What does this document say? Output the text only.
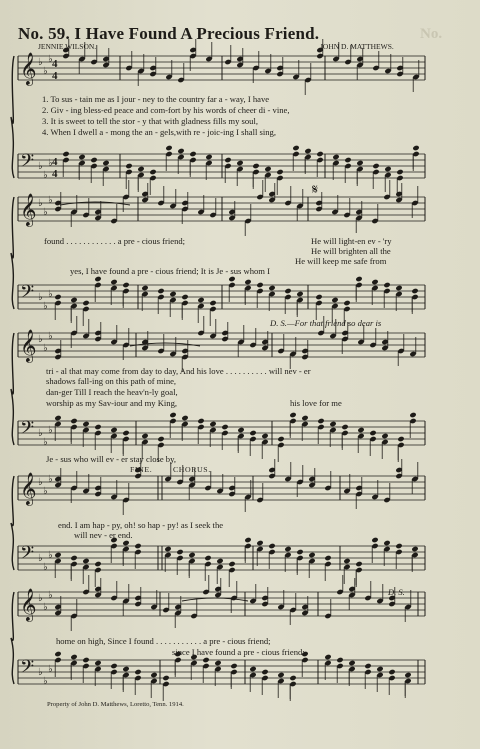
𝄞 ♭
♭
♭
𝄢 ♭
♭
♭
𝄞 ♭
♭
♭
𝄢 ♭
♭
♭
𝄞 ♭
♭
♭
𝄢 ♭
♭
♭
𝄞 ♭
♭
♭
𝄢 ♭
♭
♭
𝄞 ♭
♭
♭
𝄢 ♭
♭
♭
4
4
4
4
𝄋
No. 59. I Have Found A Precious Friend.	No.
JENNIE WILSON.	JOHN D. MATTHEWS.
1. To sus - tain me as I jour - ney to the country far a - way, I have
2. Giv - ing bless-ed peace and com-fort by his words of cheer di - vine,
3. It is sweet to tell the stor - y that with gladness fills my soul,
4. When I dwell a - mong the an - gels,with re - joic-ing I shall sing,
found . . . . . . . . . . . . a pre - cious friend;	He will light-en ev - 'ry
He will brighten all the
He will keep me safe from
yes, I have found a pre - cious friend; It is Je - sus whom I
D. S.—For that friend so dear is
tri - al that may come from day to day, And his love . . . . . . . . . . will nev - er
shadows fall-ing on this path of mine,
dan-ger Till I reach the heav'n-ly goal,
worship as my Sav-iour and my King,	his love for me
Je - sus who will ev - er stay close by,
FINE.	CHORUS.
end. I am hap - py, oh! so hap - py! as I seek the
will nev - er end.
D. S.
home on high, Since I found . . . . . . . . . . . a pre - cious friend;
since I have found a pre - cious friend;
Property of John D. Matthews, Loretto, Tenn. 1914.
